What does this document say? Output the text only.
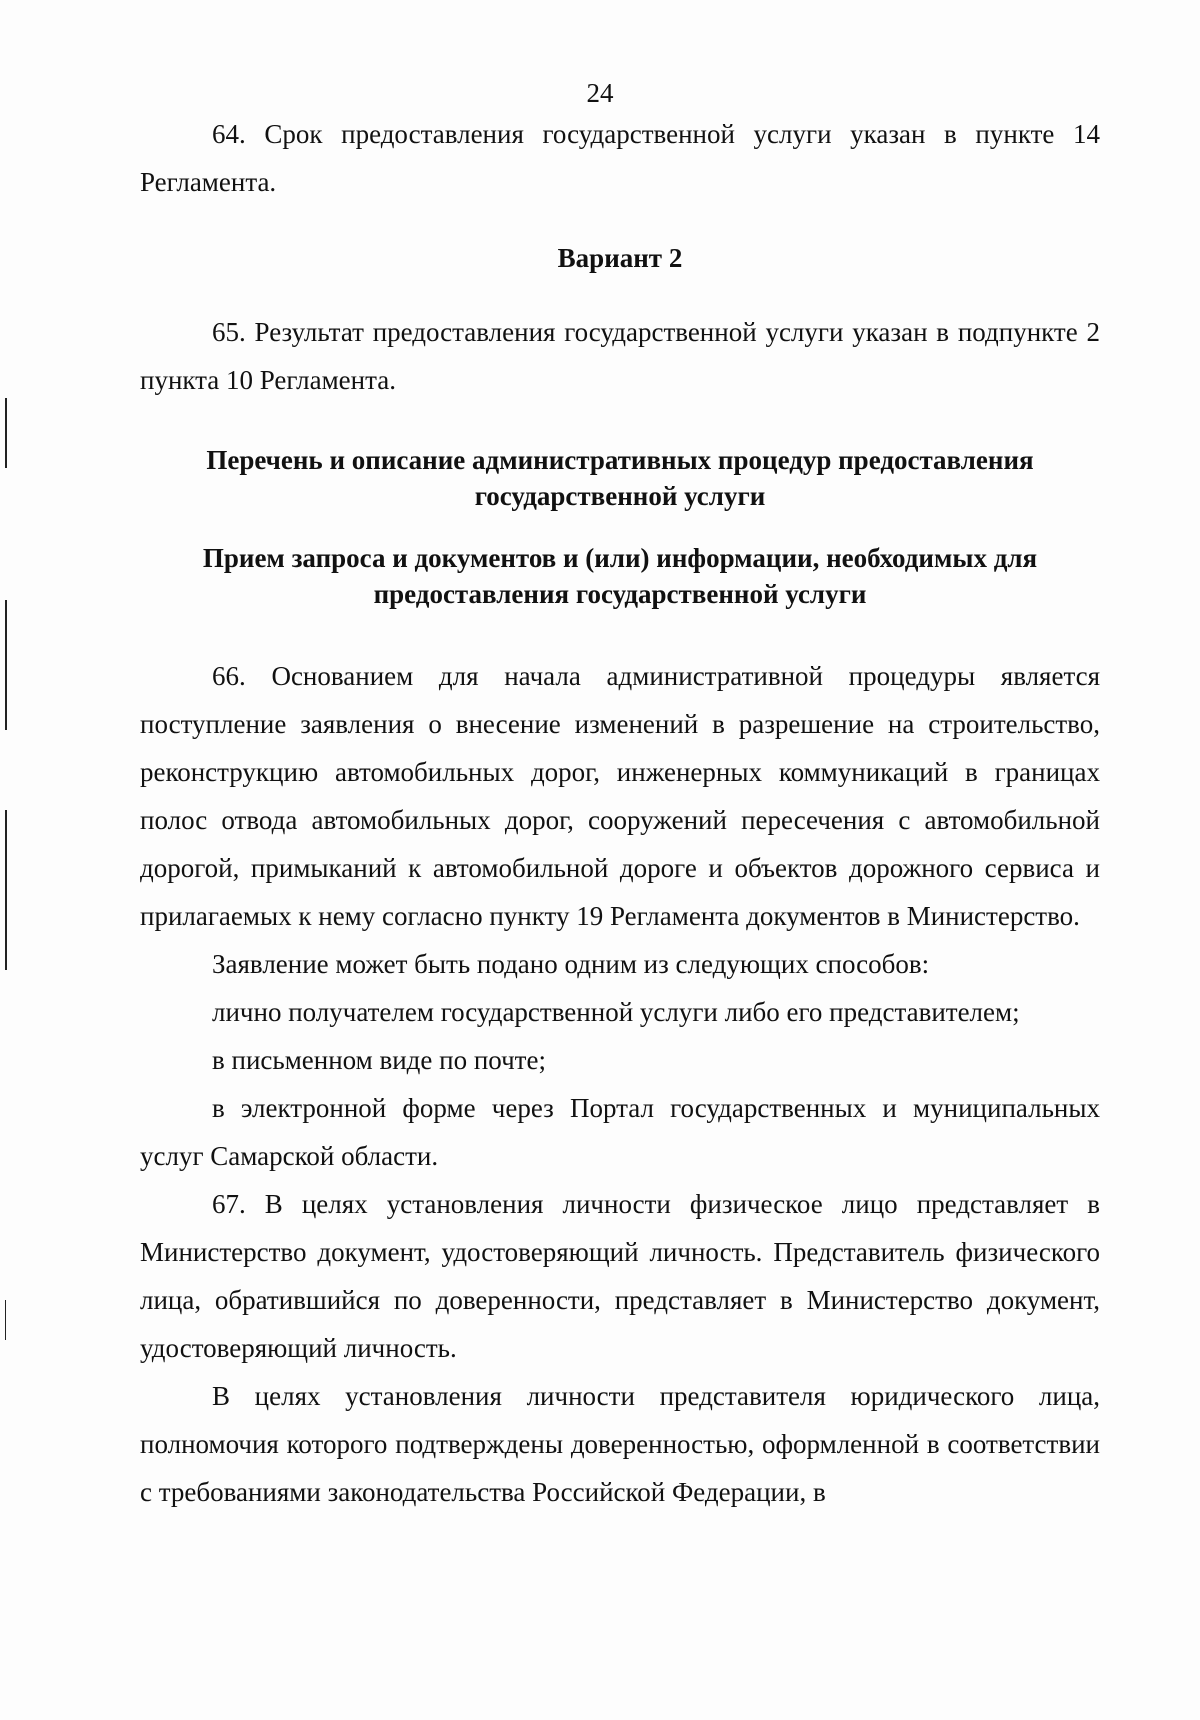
24

64. Срок предоставления государственной услуги указан в пункте 14 Регламента.

Вариант 2

65. Результат предоставления государственной услуги указан в подпункте 2 пункта 10 Регламента.

Перечень и описание административных процедур предоставления

государственной услуги

Прием запроса и документов и (или) информации, необходимых для

предоставления государственной услуги

66. Основанием для начала административной процедуры является поступление заявления о внесение изменений в разрешение на строительство, реконструкцию автомобильных дорог, инженерных коммуникаций в границах полос отвода автомобильных дорог, сооружений пересечения с автомобильной дорогой, примыканий к автомобильной дороге и объектов дорожного сервиса и прилагаемых к нему согласно пункту 19 Регламента документов в Министерство.

Заявление может быть подано одним из следующих способов:

лично получателем государственной услуги либо его представителем;

в письменном виде по почте;

в электронной форме через Портал государственных и муниципальных услуг Самарской области.

67. В целях установления личности физическое лицо представляет в Министерство документ, удостоверяющий личность. Представитель физического лица, обратившийся по доверенности, представляет в Министерство документ, удостоверяющий личность.

В целях установления личности представителя юридического лица, полномочия которого подтверждены доверенностью, оформленной в соответствии с требованиями законодательства Российской Федерации, в
